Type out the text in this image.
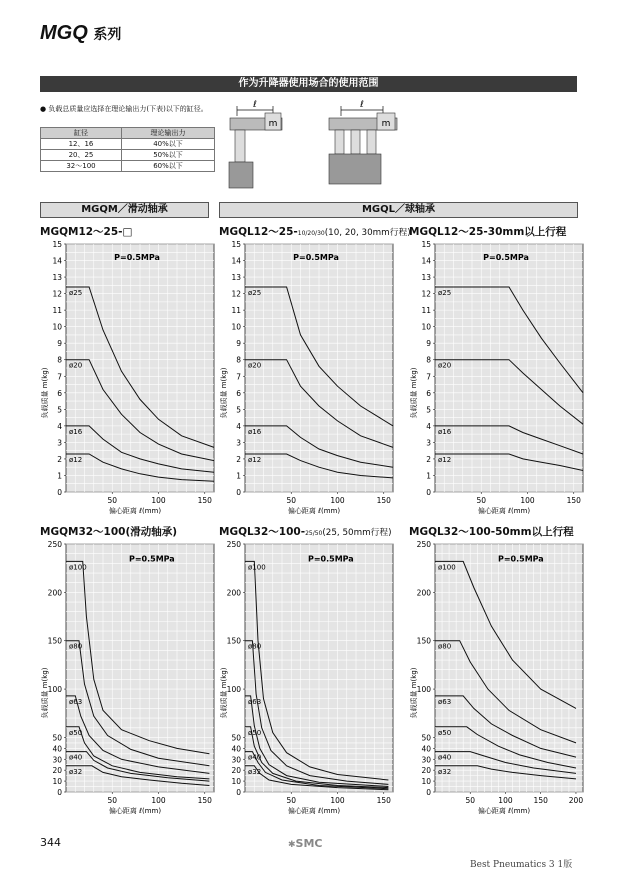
MGQ 系列
作为升降器使用场合的使用范围
● 负载总质量应选择在理论输出力(下表)以下的缸径。
缸径	理论输出力
12、16	40%以下
20、25	50%以下
32～100	60%以下
ℓ
m
ℓ
m
MGQM／滑动轴承	MGQL／球轴承
MGQM12～25-□	MGQL12～25-10/20/30(10, 20, 30mm行程)
MGQL12～25-30mm以上行程
MGQM32～100(滑动轴承)	MGQL32～100-25/50(25, 50mm行程) MGQL32～100-50mm以上行程
0
1
2
3
4
5
6
7
8
9
10
11
12
13
14
15
50	100	150
偏心距离 ℓ(mm)
负载质量 m(kg)
P=0.5MPa
ø25
ø20
ø16
ø12
0
1
2
3
4
5
6
7
8
9
10
11
12
13
14
15
50	100	150
偏心距离 ℓ(mm)
负载质量 m(kg)
P=0.5MPa
ø25
ø20
ø16
ø12
0
1
2
3
4
5
6
7
8
9
10
11
12
13
14
15
50	100	150
偏心距离 ℓ(mm)
负载质量 m(kg)
P=0.5MPa
ø25
ø20
ø16
ø12
0
10
20
30
40
50
100
150
200
250
50	100	150
偏心距离 ℓ(mm)
负载质量 m(kg)
P=0.5MPa
ø100
ø80
ø63
ø50
ø40
ø32
0
10
20
30
40
50
100
150
200
250
50	100	150
偏心距离 ℓ(mm)
负载质量 m(kg)
P=0.5MPa
ø100
ø80
ø63
ø50
ø40
ø32
0
10
20
30
40
50
100
150
200
250
50	100	150	200
偏心距离 ℓ(mm)
负载质量 m(kg)
P=0.5MPa
ø100
ø80
ø63
ø50
ø40
ø32
344	✱SMC
Best Pneumatics 3 1版
